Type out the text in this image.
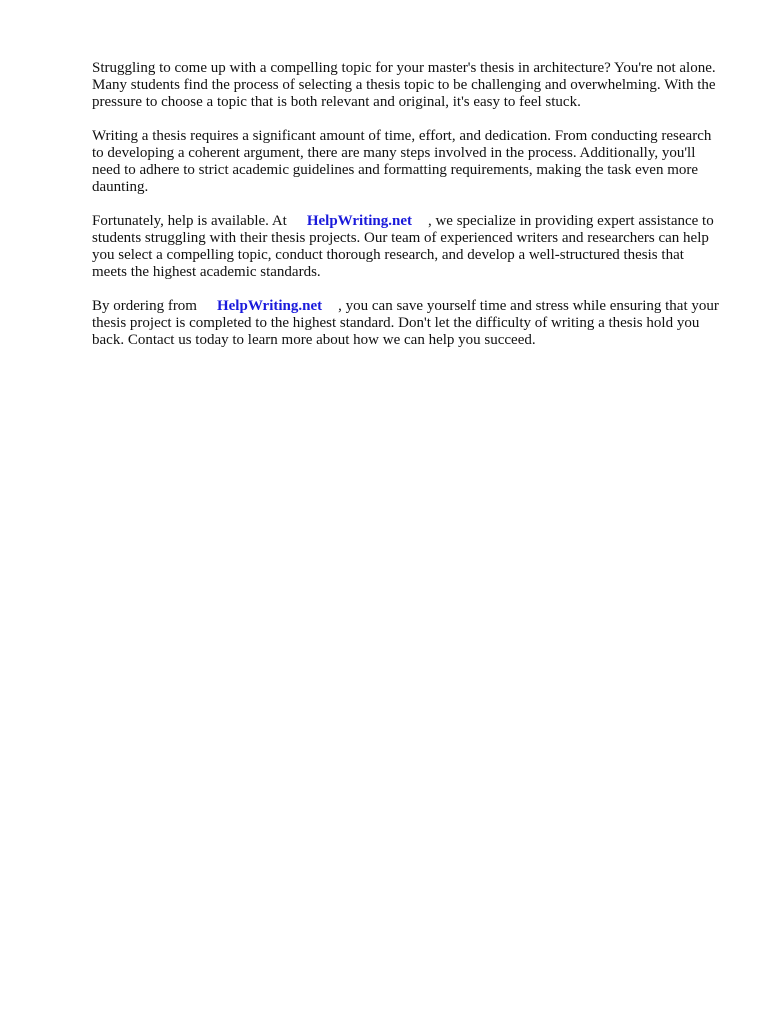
Struggling to come up with a compelling topic for your master's thesis in architecture? You're not alone. Many students find the process of selecting a thesis topic to be challenging and overwhelming. With the pressure to choose a topic that is both relevant and original, it's easy to feel stuck.

Writing a thesis requires a significant amount of time, effort, and dedication. From conducting research to developing a coherent argument, there are many steps involved in the process. Additionally, you'll need to adhere to strict academic guidelines and formatting requirements, making the task even more daunting.

Fortunately, help is available. At HelpWriting.net , we specialize in providing expert assistance to students struggling with their thesis projects. Our team of experienced writers and researchers can help you select a compelling topic, conduct thorough research, and develop a well-structured thesis that meets the highest academic standards.

By ordering from HelpWriting.net , you can save yourself time and stress while ensuring that your thesis project is completed to the highest standard. Don't let the difficulty of writing a thesis hold you back. Contact us today to learn more about how we can help you succeed.
